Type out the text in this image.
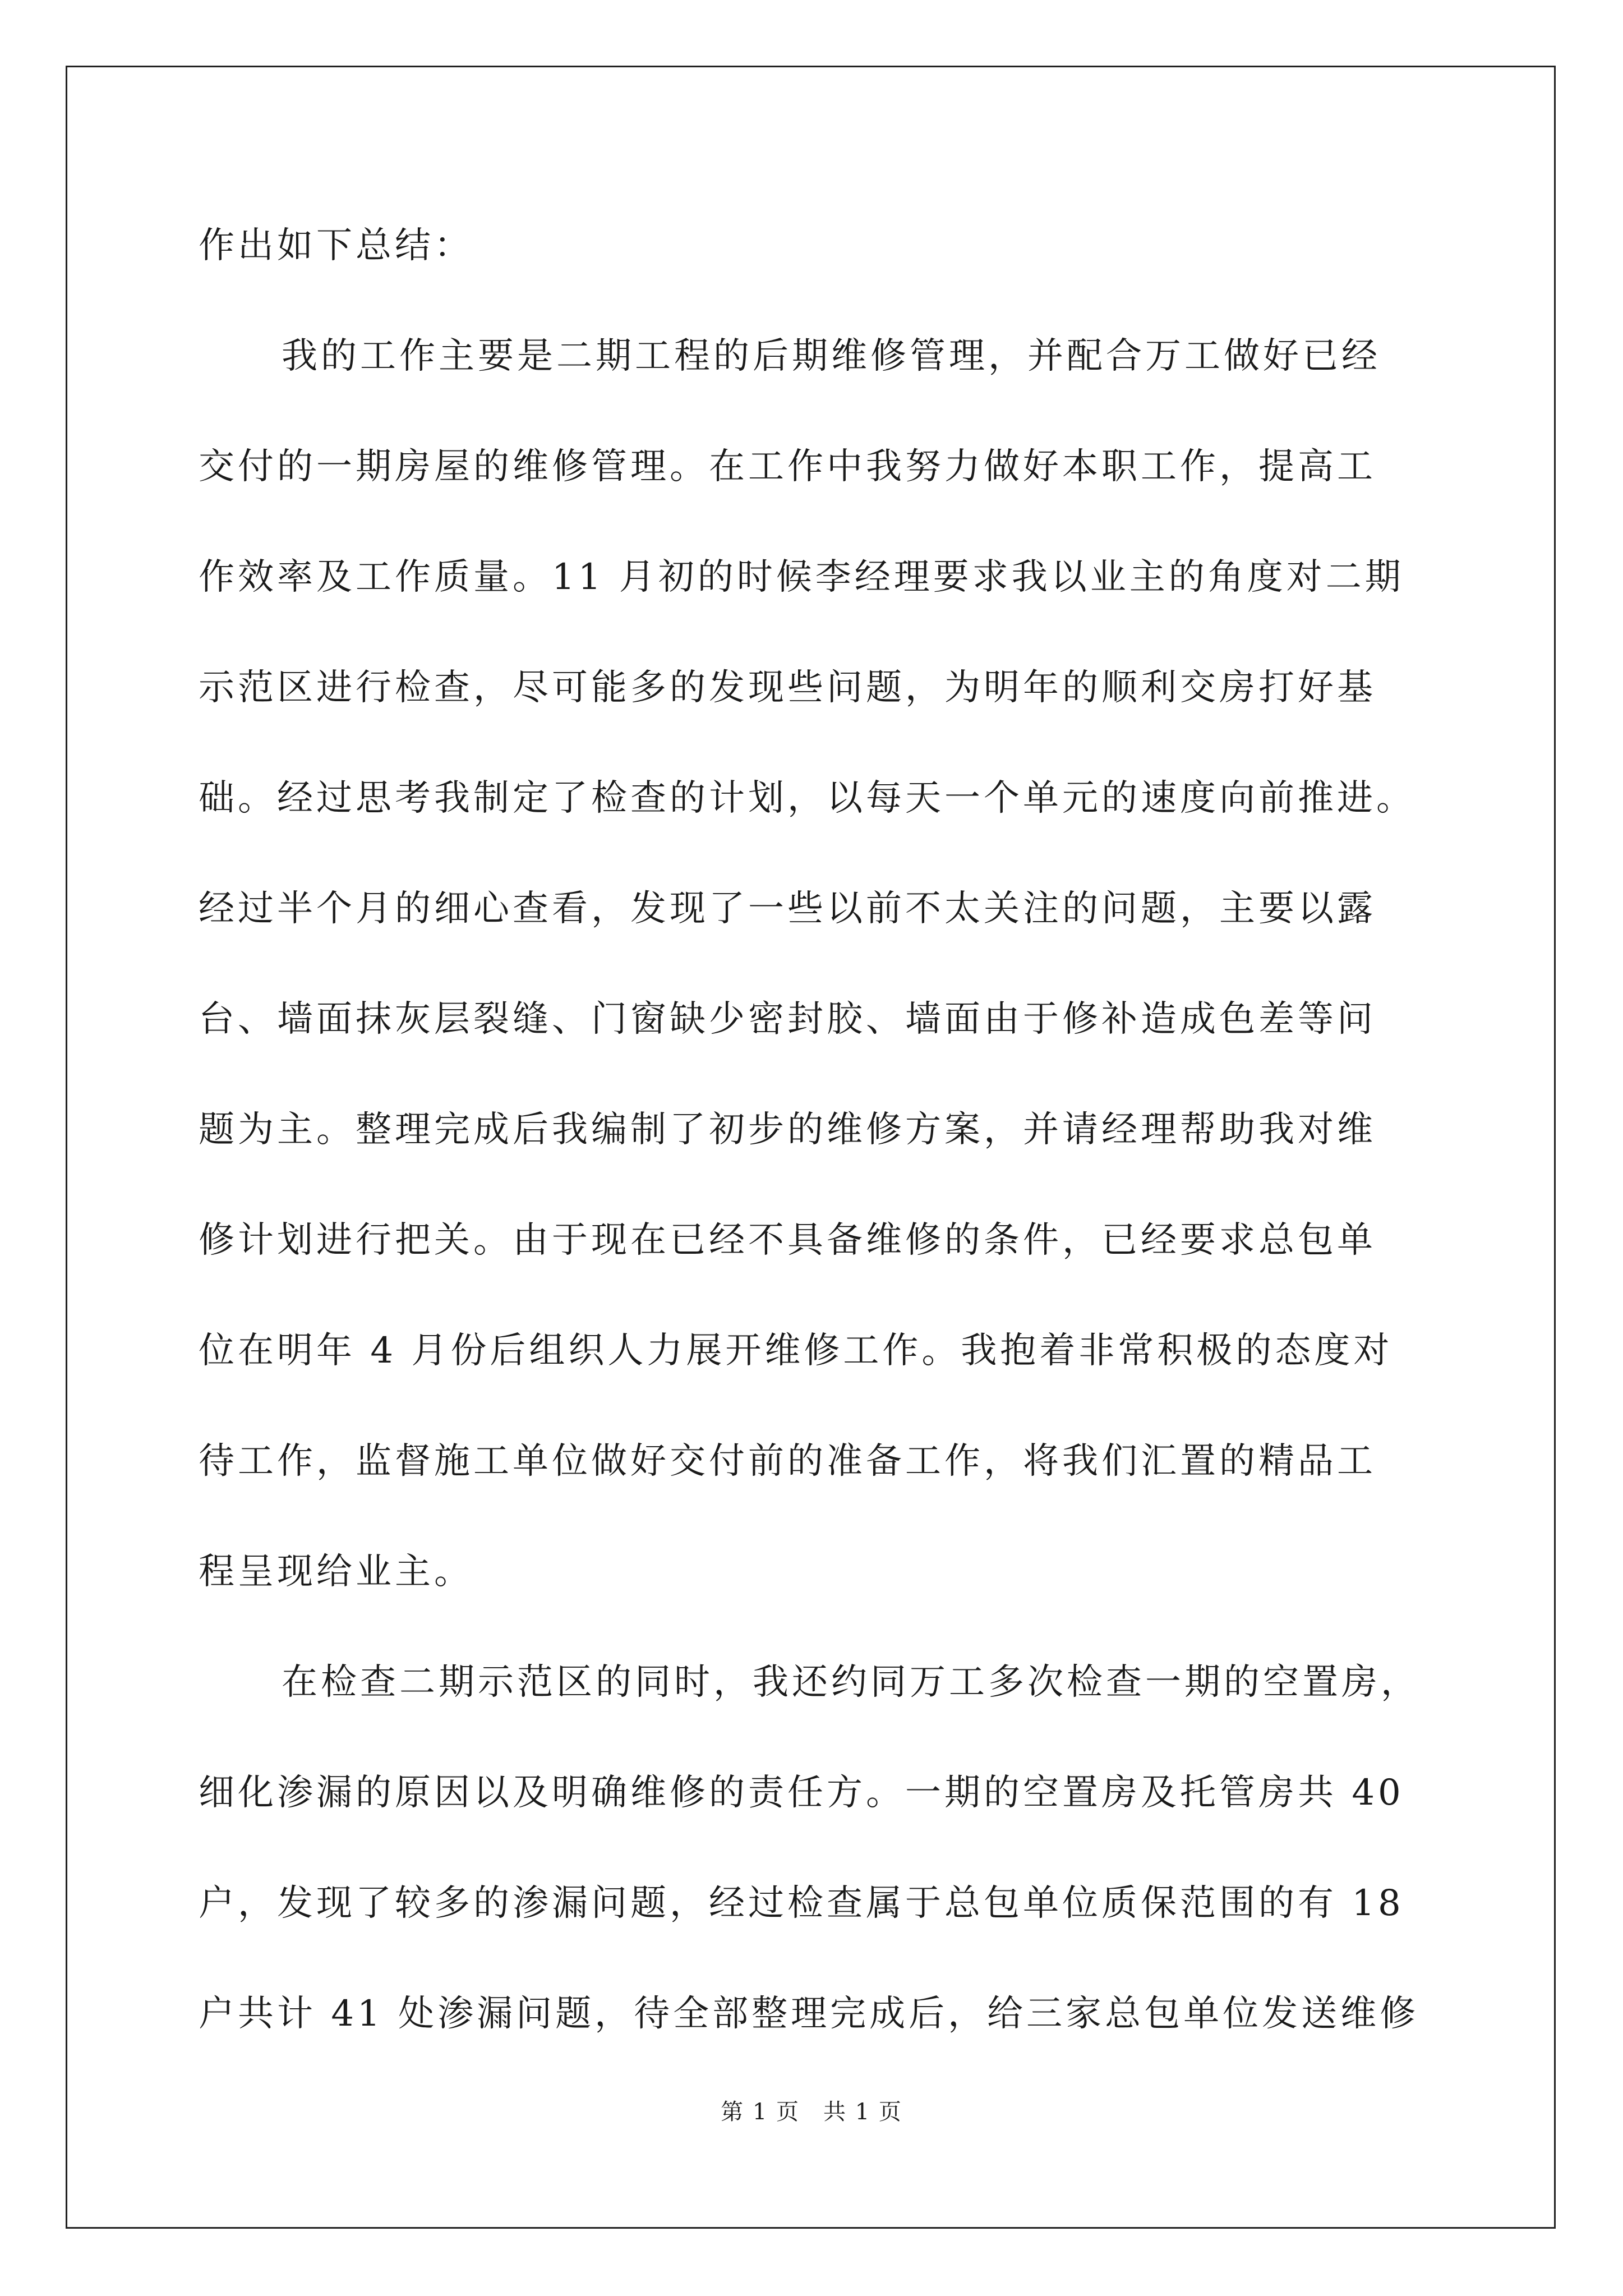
作出如下总结：
我的工作主要是二期工程的后期维修管理，并配合万工做好已经
交付的一期房屋的维修管理。在工作中我努力做好本职工作，提高工
作效率及工作质量。11 月初的时候李经理要求我以业主的角度对二期
示范区进行检查，尽可能多的发现些问题，为明年的顺利交房打好基
础。经过思考我制定了检查的计划，以每天一个单元的速度向前推进。
经过半个月的细心查看，发现了一些以前不太关注的问题，主要以露
台、墙面抹灰层裂缝、门窗缺少密封胶、墙面由于修补造成色差等问
题为主。整理完成后我编制了初步的维修方案，并请经理帮助我对维
修计划进行把关。由于现在已经不具备维修的条件，已经要求总包单
位在明年 4 月份后组织人力展开维修工作。我抱着非常积极的态度对
待工作，监督施工单位做好交付前的准备工作，将我们汇置的精品工
程呈现给业主。
在检查二期示范区的同时，我还约同万工多次检查一期的空置房，
细化渗漏的原因以及明确维修的责任方。一期的空置房及托管房共 40
户，发现了较多的渗漏问题，经过检查属于总包单位质保范围的有 18
户共计 41 处渗漏问题，待全部整理完成后，给三家总包单位发送维修
第 1 页　共 1 页
